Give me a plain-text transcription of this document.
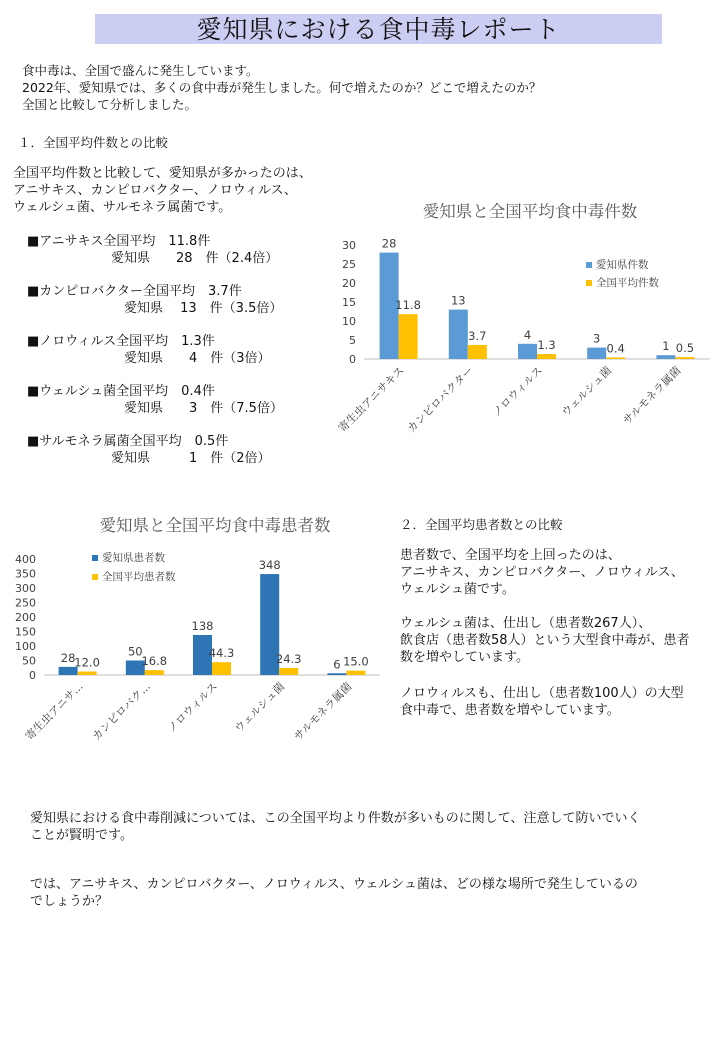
愛知県における食中毒レポート
食中毒は、全国で盛んに発生しています。
2022年、愛知県では、多くの食中毒が発生しました。何で増えたのか？どこで増えたのか？
全国と比較して分析しました。
１．全国平均件数との比較
全国平均件数と比較して、愛知県が多かったのは、
アニサキス、カンピロバクター、ノロウィルス、
ウェルシュ菌、サルモネラ属菌です。
■アニサキス全国平均　11.8件
愛知県　　28　件（2.4倍）
■カンピロバクター全国平均　3.7件
愛知県　 13　件（3.5倍）
■ノロウィルス全国平均　1.3件
愛知県　　4　件（3倍）
■ウェルシュ菌全国平均　0.4件
愛知県　　3　件（7.5倍）
■サルモネラ属菌全国平均　0.5件
愛知県　　　1　件（2倍）
愛知県と全国平均食中毒件数
0
5
10
15
20
25
30 28
11.8	13
3.7	4
1.3	3
0.4	1 0.5
寄生虫アニサキス
カンピロバクター ノロウィルス ウェルシュ菌 サルモネラ属菌
愛知県件数
全国平均件数
愛知県と全国平均食中毒患者数
0
50
100
150
200
250
300
350
400
28
12.0
50
16.8
138
44.3
348
24.3	6 15.0
寄生虫アニサ... カンピロバク... ノロウィルス ウェルシュ菌 サルモネラ属菌
愛知県患者数
全国平均患者数
２．全国平均患者数との比較
患者数で、全国平均を上回ったのは、
アニサキス、カンピロバクター、ノロウィルス、
ウェルシュ菌です。
ウェルシュ菌は、仕出し（患者数267人）、
飲食店（患者数58人）という大型食中毒が、患者
数を増やしています。
ノロウィルスも、仕出し（患者数100人）の大型
食中毒で、患者数を増やしています。
愛知県における食中毒削減については、この全国平均より件数が多いものに関して、注意して防いでいく
ことが賢明です。
では、アニサキス、カンピロバクター、ノロウィルス、ウェルシュ菌は、どの様な場所で発生しているの
でしょうか？
